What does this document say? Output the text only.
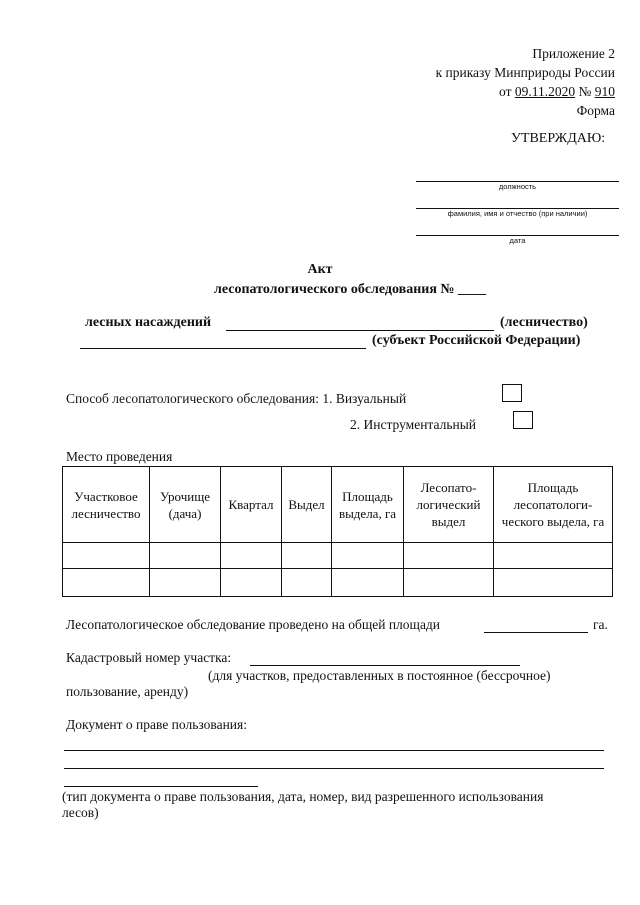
Приложение 2
к приказу Минприроды России
от 09.11.2020 № 910
Форма
УТВЕРЖДАЮ:
должность
фамилия, имя и отчество (при наличии)
дата
Акт
лесопатологического обследования № ____
лесных насаждений	(лесничество)
(субъект Российской Федерации)
Способ лесопатологического обследования: 1. Визуальный
2. Инструментальный
Место проведения
Участковое лесничество	Урочище (дача)	Квартал	Выдел	Площадь выдела, га	Лесопато-логический выдел	Площадь лесопатологи-ческого выдела, га

Лесопатологическое обследование проведено на общей площади	га.
Кадастровый номер участка:
(для участков, предоставленных в постоянное (бессрочное)
пользование, аренду)
Документ о праве пользования:
(тип документа о праве пользования, дата, номер, вид разрешенного использования
лесов)
